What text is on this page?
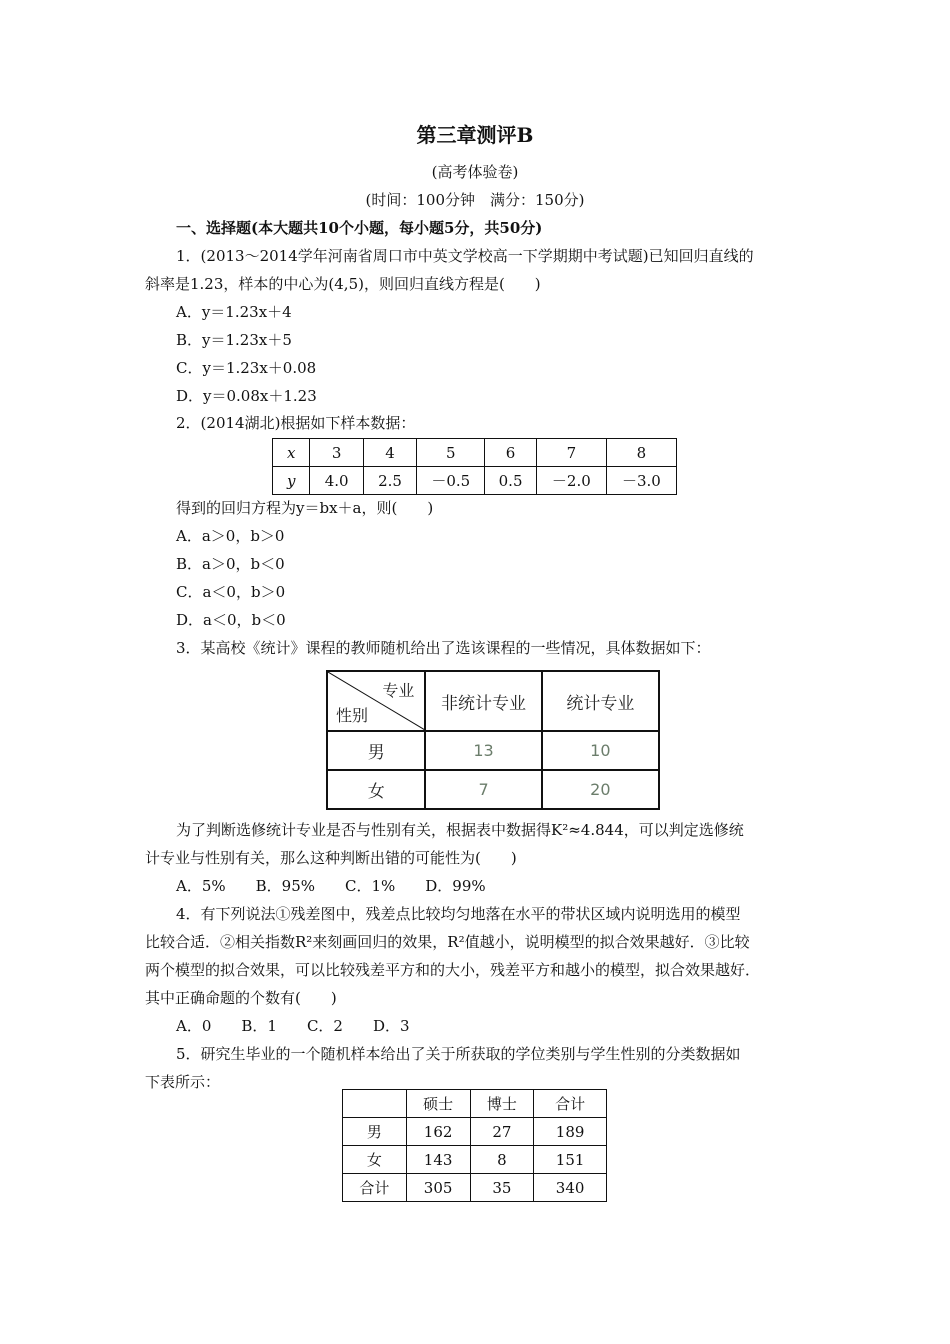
第三章测评B
(高考体验卷)
(时间：100分钟　满分：150分)
一、选择题(本大题共10个小题，每小题5分，共50分)
1．(2013～2014学年河南省周口市中英文学校高一下学期期中考试题)已知回归直线的
斜率是1.23，样本的中心为(4,5)，则回归直线方程是(　　)
A．y＝1.23x＋4
B．y＝1.23x＋5
C．y＝1.23x＋0.08
D．y＝0.08x＋1.23
2．(2014湖北)根据如下样本数据：
x	3	4	5	6	7	8
y	4.0	2.5	－0.5	0.5	－2.0	－3.0
得到的回归方程为y＝bx＋a，则(　　)
A．a＞0，b＞0
B．a＞0，b＜0
C．a＜0，b＞0
D．a＜0，b＜0
3．某高校《统计》课程的教师随机给出了选该课程的一些情况，具体数据如下：
专业
性别	非统计专业	统计专业
男	13	10
女	7	20
为了判断选修统计专业是否与性别有关，根据表中数据得K²≈4.844，可以判定选修统
计专业与性别有关，那么这种判断出错的可能性为(　　)
A．5%　　B．95%　　C．1%　　D．99%
4．有下列说法①残差图中，残差点比较均匀地落在水平的带状区域内说明选用的模型
比较合适．②相关指数R²来刻画回归的效果，R²值越小，说明模型的拟合效果越好．③比较
两个模型的拟合效果，可以比较残差平方和的大小，残差平方和越小的模型，拟合效果越好．
其中正确命题的个数有(　　)
A．0　　B．1　　C．2　　D．3
5．研究生毕业的一个随机样本给出了关于所获取的学位类别与学生性别的分类数据如
下表所示：
	硕士	博士	合计
男	162	27	189
女	143	8	151
合计	305	35	340
